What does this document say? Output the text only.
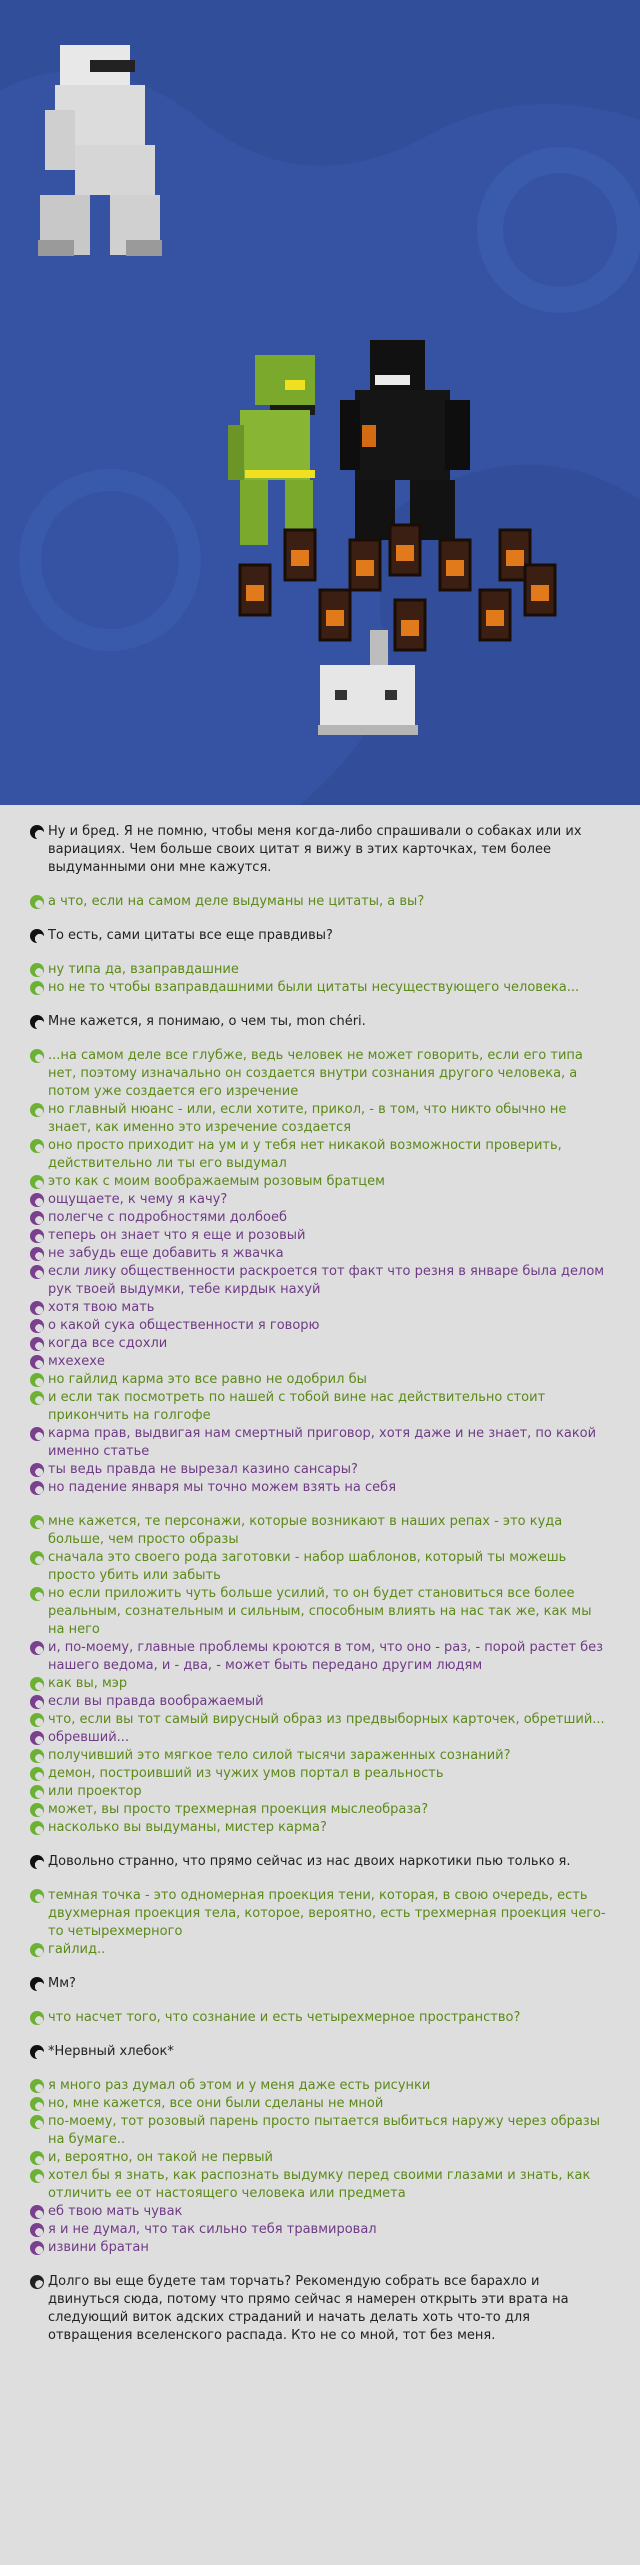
Ну и бред. Я не помню, чтобы меня когда-либо спрашивали о собаках или их вариациях. Чем больше своих цитат я вижу в этих карточках, тем более выдуманными они мне кажутся.
а что, если на самом деле выдуманы не цитаты, а вы?
То есть, сами цитаты все еще правдивы?
ну типа да, взаправдашние
но не то чтобы взаправдашними были цитаты несуществующего человека...
Мне кажется, я понимаю, о чем ты, mon chéri.
...на самом деле все глубже, ведь человек не может говорить, если его типа нет, поэтому изначально он создается внутри сознания другого человека, а потом уже создается его изречение
но главный нюанс - или, если хотите, прикол, - в том, что никто обычно не знает, как именно это изречение создается
оно просто приходит на ум и у тебя нет никакой возможности проверить, действительно ли ты его выдумал
это как с моим воображаемым розовым братцем
ощущаете, к чему я качу?
полегче с подробностями долбоеб
теперь он знает что я еще и розовый
не забудь еще добавить я жвачка
если лику общественности раскроется тот факт что резня в январе была делом рук твоей выдумки, тебе кирдык нахуй
хотя твою мать
о какой сука общественности я говорю
когда все сдохли
мхехехе
но гайлид карма это все равно не одобрил бы
и если так посмотреть по нашей с тобой вине нас действительно стоит прикончить на голгофе
карма прав, выдвигая нам смертный приговор, хотя даже и не знает, по какой именно статье
ты ведь правда не вырезал казино сансары?
но падение января мы точно можем взять на себя
мне кажется, те персонажи, которые возникают в наших репах - это куда больше, чем просто образы
сначала это своего рода заготовки - набор шаблонов, который ты можешь просто убить или забыть
но если приложить чуть больше усилий, то он будет становиться все более реальным, сознательным и сильным, способным влиять на нас так же, как мы на него
и, по-моему, главные проблемы кроются в том, что оно - раз, - порой растет без нашего ведома, и - два, - может быть передано другим людям
как вы, мэр
если вы правда воображаемый
что, если вы тот самый вирусный образ из предвыборных карточек, обретший...
обревший...
получивший это мягкое тело силой тысячи зараженных сознаний?
демон, построивший из чужих умов портал в реальность
или проектор
может, вы просто трехмерная проекция мыслеобраза?
насколько вы выдуманы, мистер карма?
Довольно странно, что прямо сейчас из нас двоих наркотики пью только я.
темная точка - это одномерная проекция тени, которая, в свою очередь, есть двухмерная проекция тела, которое, вероятно, есть трехмерная проекция чего-то четырехмерного
гайлид..
Мм?
что насчет того, что сознание и есть четырехмерное пространство?
*Нервный хлебок*
я много раз думал об этом и у меня даже есть рисунки
но, мне кажется, все они были сделаны не мной
по-моему, тот розовый парень просто пытается выбиться наружу через образы на бумаге..
и, вероятно, он такой не первый
хотел бы я знать, как распознать выдумку перед своими глазами и знать, как отличить ее от настоящего человека или предмета
еб твою мать чувак
я и не думал, что так сильно тебя травмировал
извини братан
Долго вы еще будете там торчать? Рекомендую собрать все барахло и двинуться сюда, потому что прямо сейчас я намерен открыть эти врата на следующий виток адских страданий и начать делать хоть что-то для отвращения вселенского распада. Кто не со мной, тот без меня.
